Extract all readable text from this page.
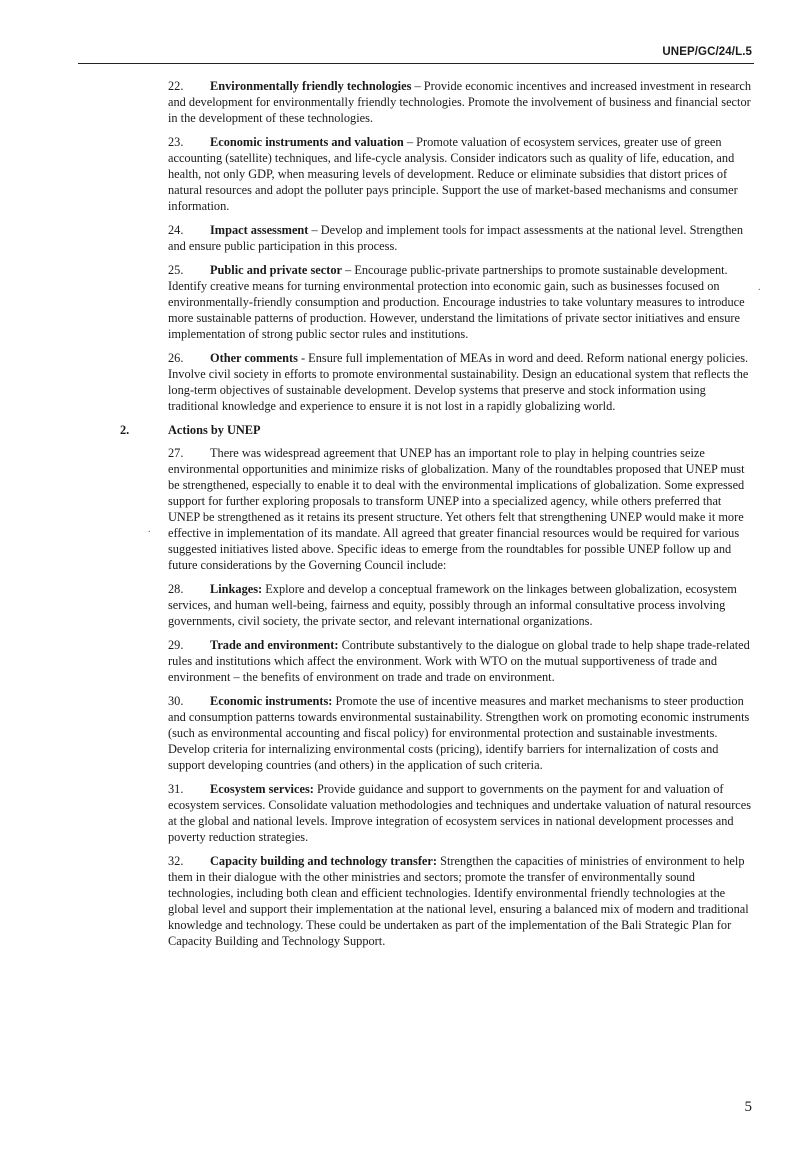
UNEP/GC/24/L.5

22. Environmentally friendly technologies – Provide economic incentives and increased investment in research and development for environmentally friendly technologies. Promote the involvement of business and financial sector in the development of these technologies.

23. Economic instruments and valuation – Promote valuation of ecosystem services, greater use of green accounting (satellite) techniques, and life-cycle analysis. Consider indicators such as quality of life, education, and health, not only GDP, when measuring levels of development. Reduce or eliminate subsidies that distort prices of natural resources and adopt the polluter pays principle. Support the use of market-based mechanisms and consumer information.

24. Impact assessment – Develop and implement tools for impact assessments at the national level. Strengthen and ensure public participation in this process.

25. Public and private sector – Encourage public-private partnerships to promote sustainable development. Identify creative means for turning environmental protection into economic gain, such as businesses focused on environmentally-friendly consumption and production. Encourage industries to take voluntary measures to introduce more sustainable patterns of production. However, understand the limitations of private sector initiatives and ensure implementation of strong public sector rules and institutions.

26. Other comments - Ensure full implementation of MEAs in word and deed. Reform national energy policies. Involve civil society in efforts to promote environmental sustainability. Design an educational system that reflects the long-term objectives of sustainable development. Develop systems that preserve and stock information using traditional knowledge and experience to ensure it is not lost in a rapidly globalizing world.

2.	Actions by UNEP

27. There was widespread agreement that UNEP has an important role to play in helping countries seize environmental opportunities and minimize risks of globalization. Many of the roundtables proposed that UNEP must be strengthened, especially to enable it to deal with the environmental implications of globalization. Some expressed support for further exploring proposals to transform UNEP into a specialized agency, while others preferred that UNEP be strengthened as it retains its present structure. Yet others felt that strengthening UNEP would make it more effective in implementation of its mandate. All agreed that greater financial resources would be required for various suggested initiatives listed above. Specific ideas to emerge from the roundtables for possible UNEP follow up and future considerations by the Governing Council include:

28. Linkages: Explore and develop a conceptual framework on the linkages between globalization, ecosystem services, and human well-being, fairness and equity, possibly through an informal consultative process involving governments, civil society, the private sector, and relevant international organizations.

29. Trade and environment: Contribute substantively to the dialogue on global trade to help shape trade-related rules and institutions which affect the environment. Work with WTO on the mutual supportiveness of trade and environment – the benefits of environment on trade and trade on environment.

30. Economic instruments: Promote the use of incentive measures and market mechanisms to steer production and consumption patterns towards environmental sustainability. Strengthen work on promoting economic instruments (such as environmental accounting and fiscal policy) for environmental protection and sustainable investments. Develop criteria for internalizing environmental costs (pricing), identify barriers for internalization of costs and support developing countries (and others) in the application of such criteria.

31. Ecosystem services: Provide guidance and support to governments on the payment for and valuation of ecosystem services. Consolidate valuation methodologies and techniques and undertake valuation of natural resources at the global and national levels. Improve integration of ecosystem services in national development processes and poverty reduction strategies.

32. Capacity building and technology transfer: Strengthen the capacities of ministries of environment to help them in their dialogue with the other ministries and sectors; promote the transfer of environmentally sound technologies, including both clean and efficient technologies. Identify environmental friendly technologies at the global level and support their implementation at the national level, ensuring a balanced mix of modern and traditional knowledge and technology. These could be undertaken as part of the implementation of the Bali Strategic Plan for Capacity Building and Technology Support.

.
.
5
